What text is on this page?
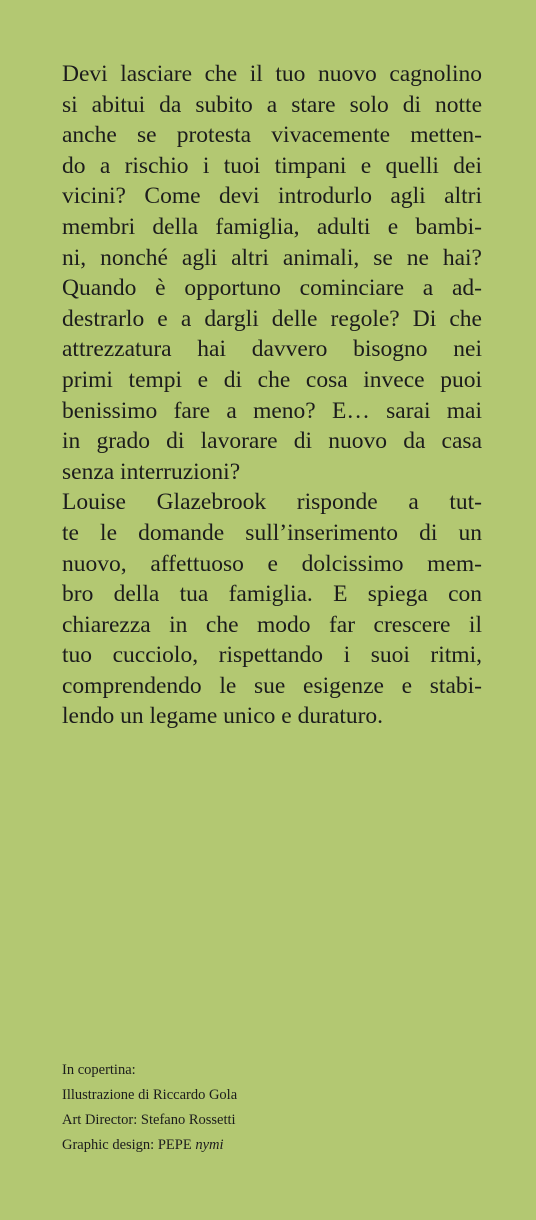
Devi lasciare che il tuo nuovo cagnolino
si abitui da subito a stare solo di notte
anche se protesta vivacemente metten-
do a rischio i tuoi timpani e quelli dei
vicini? Come devi introdurlo agli altri
membri della famiglia, adulti e bambi-
ni, nonché agli altri animali, se ne hai?
Quando è opportuno cominciare a ad-
destrarlo e a dargli delle regole? Di che
attrezzatura hai davvero bisogno nei
primi tempi e di che cosa invece puoi
benissimo fare a meno? E… sarai mai
in grado di lavorare di nuovo da casa
senza interruzioni?
Louise Glazebrook risponde a tut-
te le domande sull’inserimento di un
nuovo, affettuoso e dolcissimo mem-
bro della tua famiglia. E spiega con
chiarezza in che modo far crescere il
tuo cucciolo, rispettando i suoi ritmi,
comprendendo le sue esigenze e stabi-
lendo un legame unico e duraturo.
In copertina:
Illustrazione di Riccardo Gola
Art Director: Stefano Rossetti
Graphic design: PEPE nymi
